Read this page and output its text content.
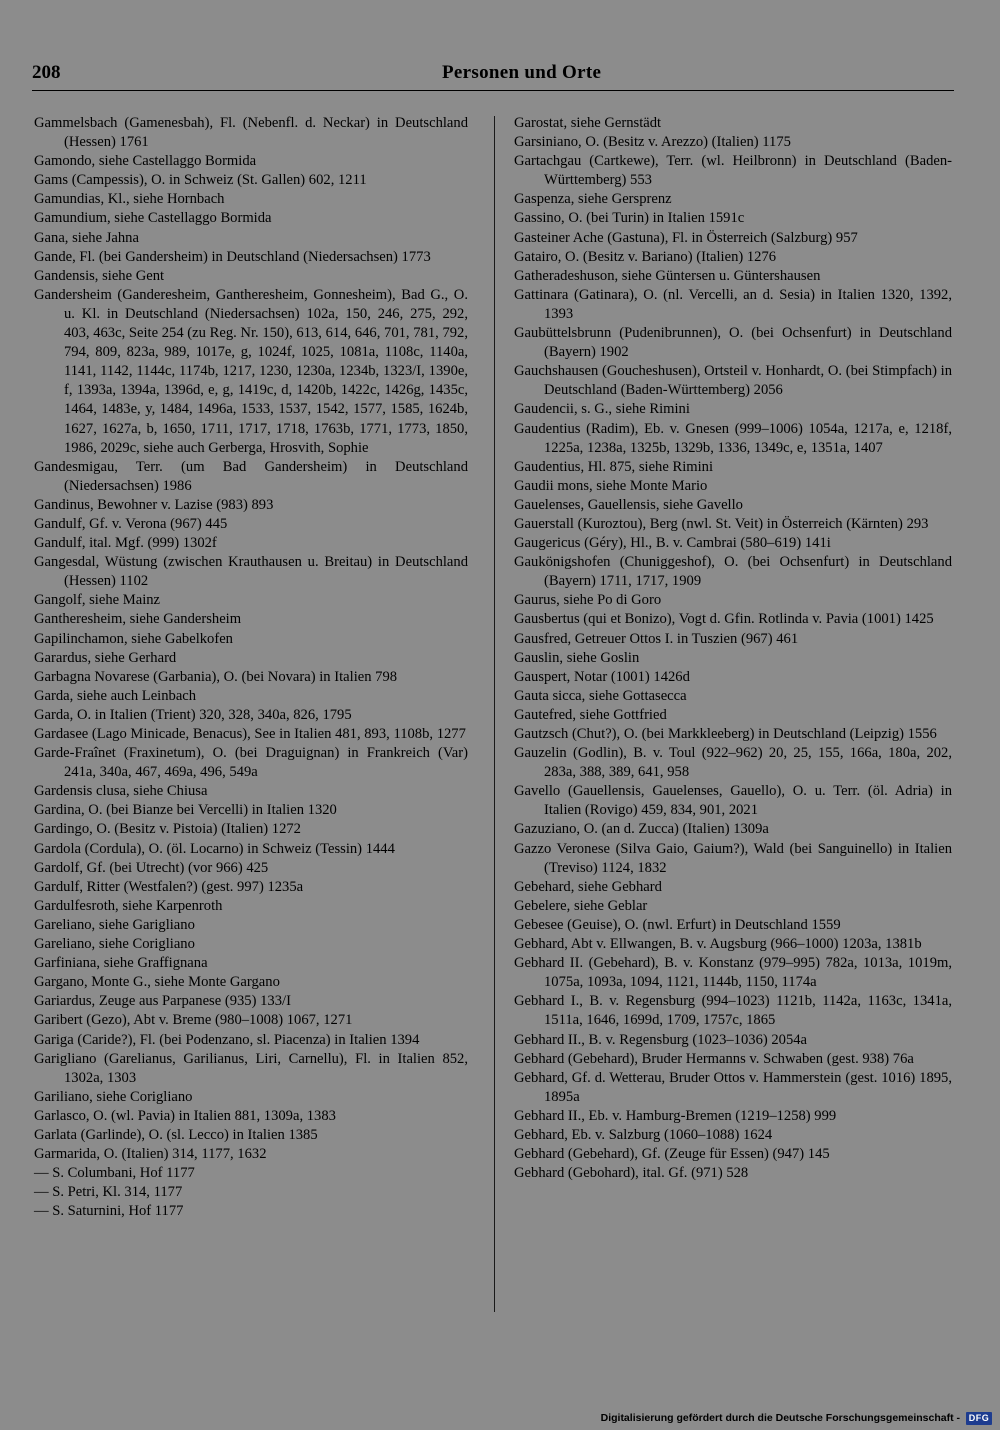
208	Personen und Orte

Gammelsbach (Gamenesbah), Fl. (Nebenfl. d. Neckar) in Deutschland (Hessen) 1761

Gamondo, siehe Castellaggo Bormida

Gams (Campessis), O. in Schweiz (St. Gallen) 602, 1211

Gamundias, Kl., siehe Hornbach

Gamundium, siehe Castellaggo Bormida

Gana, siehe Jahna

Gande, Fl. (bei Gandersheim) in Deutschland (Niedersachsen) 1773

Gandensis, siehe Gent

Gandersheim (Ganderesheim, Gantheresheim, Gonnesheim), Bad G., O. u. Kl. in Deutschland (Niedersachsen) 102a, 150, 246, 275, 292, 403, 463c, Seite 254 (zu Reg. Nr. 150), 613, 614, 646, 701, 781, 792, 794, 809, 823a, 989, 1017e, g, 1024f, 1025, 1081a, 1108c, 1140a, 1141, 1142, 1144c, 1174b, 1217, 1230, 1230a, 1234b, 1323/I, 1390e, f, 1393a, 1394a, 1396d, e, g, 1419c, d, 1420b, 1422c, 1426g, 1435c, 1464, 1483e, y, 1484, 1496a, 1533, 1537, 1542, 1577, 1585, 1624b, 1627, 1627a, b, 1650, 1711, 1717, 1718, 1763b, 1771, 1773, 1850, 1986, 2029c, siehe auch Gerberga, Hrosvith, Sophie

Gandesmigau, Terr. (um Bad Gandersheim) in Deutschland (Niedersachsen) 1986

Gandinus, Bewohner v. Lazise (983) 893

Gandulf, Gf. v. Verona (967) 445

Gandulf, ital. Mgf. (999) 1302f

Gangesdal, Wüstung (zwischen Krauthausen u. Breitau) in Deutschland (Hessen) 1102

Gangolf, siehe Mainz

Gantheresheim, siehe Gandersheim

Gapilinchamon, siehe Gabelkofen

Garardus, siehe Gerhard

Garbagna Novarese (Garbania), O. (bei Novara) in Italien 798

Garda, siehe auch Leinbach

Garda, O. in Italien (Trient) 320, 328, 340a, 826, 1795

Gardasee (Lago Minicade, Benacus), See in Italien 481, 893, 1108b, 1277

Garde-Fraînet (Fraxinetum), O. (bei Draguignan) in Frankreich (Var) 241a, 340a, 467, 469a, 496, 549a

Gardensis clusa, siehe Chiusa

Gardina, O. (bei Bianze bei Vercelli) in Italien 1320

Gardingo, O. (Besitz v. Pistoia) (Italien) 1272

Gardola (Cordula), O. (öl. Locarno) in Schweiz (Tessin) 1444

Gardolf, Gf. (bei Utrecht) (vor 966) 425

Gardulf, Ritter (Westfalen?) (gest. 997) 1235a

Gardulfesroth, siehe Karpenroth

Gareliano, siehe Garigliano

Gareliano, siehe Corigliano

Garfiniana, siehe Graffignana

Gargano, Monte G., siehe Monte Gargano

Gariardus, Zeuge aus Parpanese (935) 133/I

Garibert (Gezo), Abt v. Breme (980–1008) 1067, 1271

Gariga (Caride?), Fl. (bei Podenzano, sl. Piacenza) in Italien 1394

Garigliano (Garelianus, Garilianus, Liri, Carnellu), Fl. in Italien 852, 1302a, 1303

Gariliano, siehe Corigliano

Garlasco, O. (wl. Pavia) in Italien 881, 1309a, 1383

Garlata (Garlinde), O. (sl. Lecco) in Italien 1385

Garmarida, O. (Italien) 314, 1177, 1632

— S. Columbani, Hof 1177

— S. Petri, Kl. 314, 1177

— S. Saturnini, Hof 1177

Garostat, siehe Gernstädt

Garsiniano, O. (Besitz v. Arezzo) (Italien) 1175

Gartachgau (Cartkewe), Terr. (wl. Heilbronn) in Deutschland (Baden-Württemberg) 553

Gaspenza, siehe Gersprenz

Gassino, O. (bei Turin) in Italien 1591c

Gasteiner Ache (Gastuna), Fl. in Österreich (Salzburg) 957

Gatairo, O. (Besitz v. Bariano) (Italien) 1276

Gatheradeshuson, siehe Güntersen u. Güntershausen

Gattinara (Gatinara), O. (nl. Vercelli, an d. Sesia) in Italien 1320, 1392, 1393

Gaubüttelsbrunn (Pudenibrunnen), O. (bei Ochsenfurt) in Deutschland (Bayern) 1902

Gauchshausen (Goucheshusen), Ortsteil v. Honhardt, O. (bei Stimpfach) in Deutschland (Baden-Württemberg) 2056

Gaudencii, s. G., siehe Rimini

Gaudentius (Radim), Eb. v. Gnesen (999–1006) 1054a, 1217a, e, 1218f, 1225a, 1238a, 1325b, 1329b, 1336, 1349c, e, 1351a, 1407

Gaudentius, Hl. 875, siehe Rimini

Gaudii mons, siehe Monte Mario

Gauelenses, Gauellensis, siehe Gavello

Gauerstall (Kuroztou), Berg (nwl. St. Veit) in Österreich (Kärnten) 293

Gaugericus (Géry), Hl., B. v. Cambrai (580–619) 141i

Gaukönigshofen (Chuniggeshof), O. (bei Ochsenfurt) in Deutschland (Bayern) 1711, 1717, 1909

Gaurus, siehe Po di Goro

Gausbertus (qui et Bonizo), Vogt d. Gfin. Rotlinda v. Pavia (1001) 1425

Gausfred, Getreuer Ottos I. in Tuszien (967) 461

Gauslin, siehe Goslin

Gauspert, Notar (1001) 1426d

Gauta sicca, siehe Gottasecca

Gautefred, siehe Gottfried

Gautzsch (Chut?), O. (bei Markkleeberg) in Deutschland (Leipzig) 1556

Gauzelin (Godlin), B. v. Toul (922–962) 20, 25, 155, 166a, 180a, 202, 283a, 388, 389, 641, 958

Gavello (Gauellensis, Gauelenses, Gauello), O. u. Terr. (öl. Adria) in Italien (Rovigo) 459, 834, 901, 2021

Gazuziano, O. (an d. Zucca) (Italien) 1309a

Gazzo Veronese (Silva Gaio, Gaium?), Wald (bei Sanguinello) in Italien (Treviso) 1124, 1832

Gebehard, siehe Gebhard

Gebelere, siehe Geblar

Gebesee (Geuise), O. (nwl. Erfurt) in Deutschland 1559

Gebhard, Abt v. Ellwangen, B. v. Augsburg (966–1000) 1203a, 1381b

Gebhard II. (Gebehard), B. v. Konstanz (979–995) 782a, 1013a, 1019m, 1075a, 1093a, 1094, 1121, 1144b, 1150, 1174a

Gebhard I., B. v. Regensburg (994–1023) 1121b, 1142a, 1163c, 1341a, 1511a, 1646, 1699d, 1709, 1757c, 1865

Gebhard II., B. v. Regensburg (1023–1036) 2054a

Gebhard (Gebehard), Bruder Hermanns v. Schwaben (gest. 938) 76a

Gebhard, Gf. d. Wetterau, Bruder Ottos v. Hammerstein (gest. 1016) 1895, 1895a

Gebhard II., Eb. v. Hamburg-Bremen (1219–1258) 999

Gebhard, Eb. v. Salzburg (1060–1088) 1624

Gebhard (Gebehard), Gf. (Zeuge für Essen) (947) 145

Gebhard (Gebohard), ital. Gf. (971) 528

Digitalisierung gefördert durch die Deutsche Forschungsgemeinschaft - DFG
